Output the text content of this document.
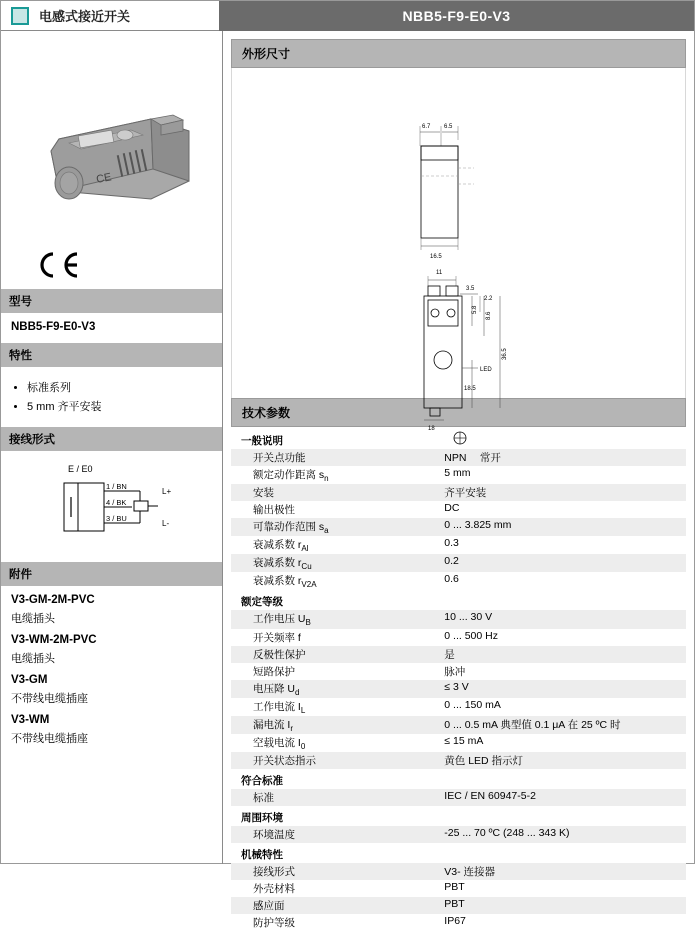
电感式接近开关	NBB5-F9-E0-V3
CE
型号
NBB5-F9-E0-V3
特性
• 标准系列
• 5 mm 齐平安装
接线形式
E / E0
1 / BN
4 / BK
3 / BU
L+
L-
附件
V3-GM-2M-PVC
电缆插头
V3-WM-2M-PVC
电缆插头
V3-GM
不带线电缆插座
V3-WM
不带线电缆插座
外形尺寸
6.7 6.5
16.5
11
3.5
2.2
LED
5.8
8.6
36.5
18.5
18
技术参数
一般说明	
开关点功能	NPN　 常开
额定动作距离 $s_n$	5 mm
安装	齐平安装
输出极性	DC
可靠动作范围 $s_a$	0 ... 3.825 mm
衰减系数 $r_{Al}$	0.3
衰减系数 $r_{Cu}$	0.2
衰减系数 $r_{V2A}$	0.6
额定等级	
工作电压 $U_B$	10 ... 30 V
开关频率 f	0 ... 500 Hz
反极性保护	是
短路保护	脉冲
电压降 $U_d$	≤ 3 V
工作电流 $I_L$	0 ... 150 mA
漏电流 $I_r$	0 ... 0.5 mA 典型值 0.1 μA 在 25 ºC 时
空载电流 $I_0$	≤ 15 mA
开关状态指示	黄色 LED 指示灯
符合标准	
标准	IEC / EN 60947-5-2
周围环境	
环境温度	-25 ... 70 ºC (248 ... 343 K)
机械特性	
接线形式	V3- 连接器
外壳材料	PBT
感应面	PBT
防护等级	IP67
